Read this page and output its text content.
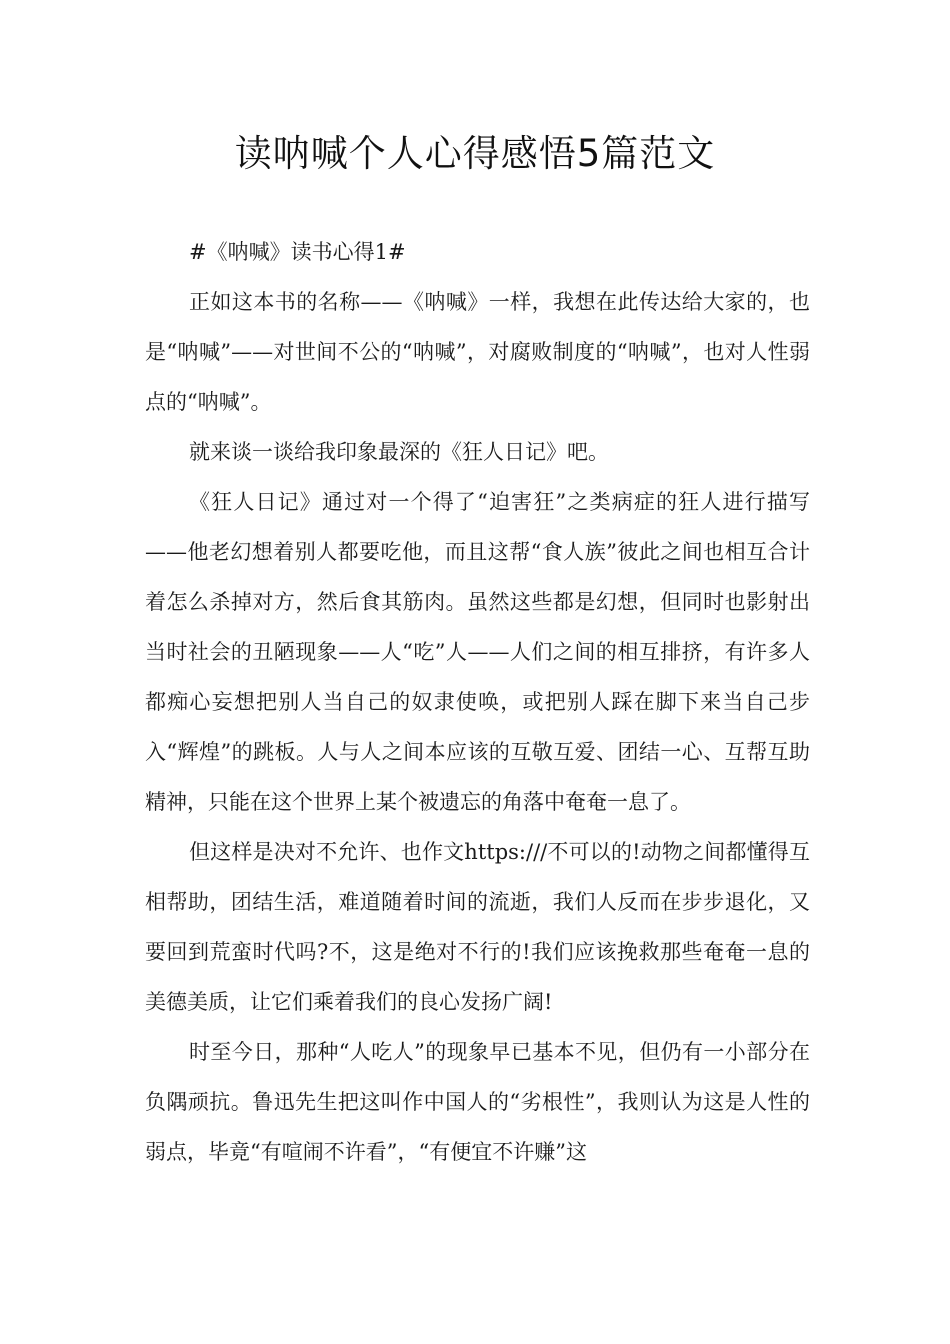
读呐喊个人心得感悟5篇范文

#《呐喊》读书心得1#

正如这本书的名称——《呐喊》一样，我想在此传达给大家的，也是“呐喊”——对世间不公的“呐喊”，对腐败制度的“呐喊”，也对人性弱点的“呐喊”。

就来谈一谈给我印象最深的《狂人日记》吧。

《狂人日记》通过对一个得了“迫害狂”之类病症的狂人进行描写——他老幻想着别人都要吃他，而且这帮“食人族”彼此之间也相互合计着怎么杀掉对方，然后食其筋肉。虽然这些都是幻想，但同时也影射出当时社会的丑陋现象——人“吃”人——人们之间的相互排挤，有许多人都痴心妄想把别人当自己的奴隶使唤，或把别人踩在脚下来当自己步入“辉煌”的跳板。人与人之间本应该的互敬互爱、团结一心、互帮互助精神，只能在这个世界上某个被遗忘的角落中奄奄一息了。

但这样是决对不允许、也作文https:///不可以的!动物之间都懂得互相帮助，团结生活，难道随着时间的流逝，我们人反而在步步退化，又要回到荒蛮时代吗?不，这是绝对不行的!我们应该挽救那些奄奄一息的美德美质，让它们乘着我们的良心发扬广阔!

时至今日，那种“人吃人”的现象早已基本不见，但仍有一小部分在负隅顽抗。鲁迅先生把这叫作中国人的“劣根性”，我则认为这是人性的弱点，毕竟“有喧闹不许看”，“有便宜不许赚”这
